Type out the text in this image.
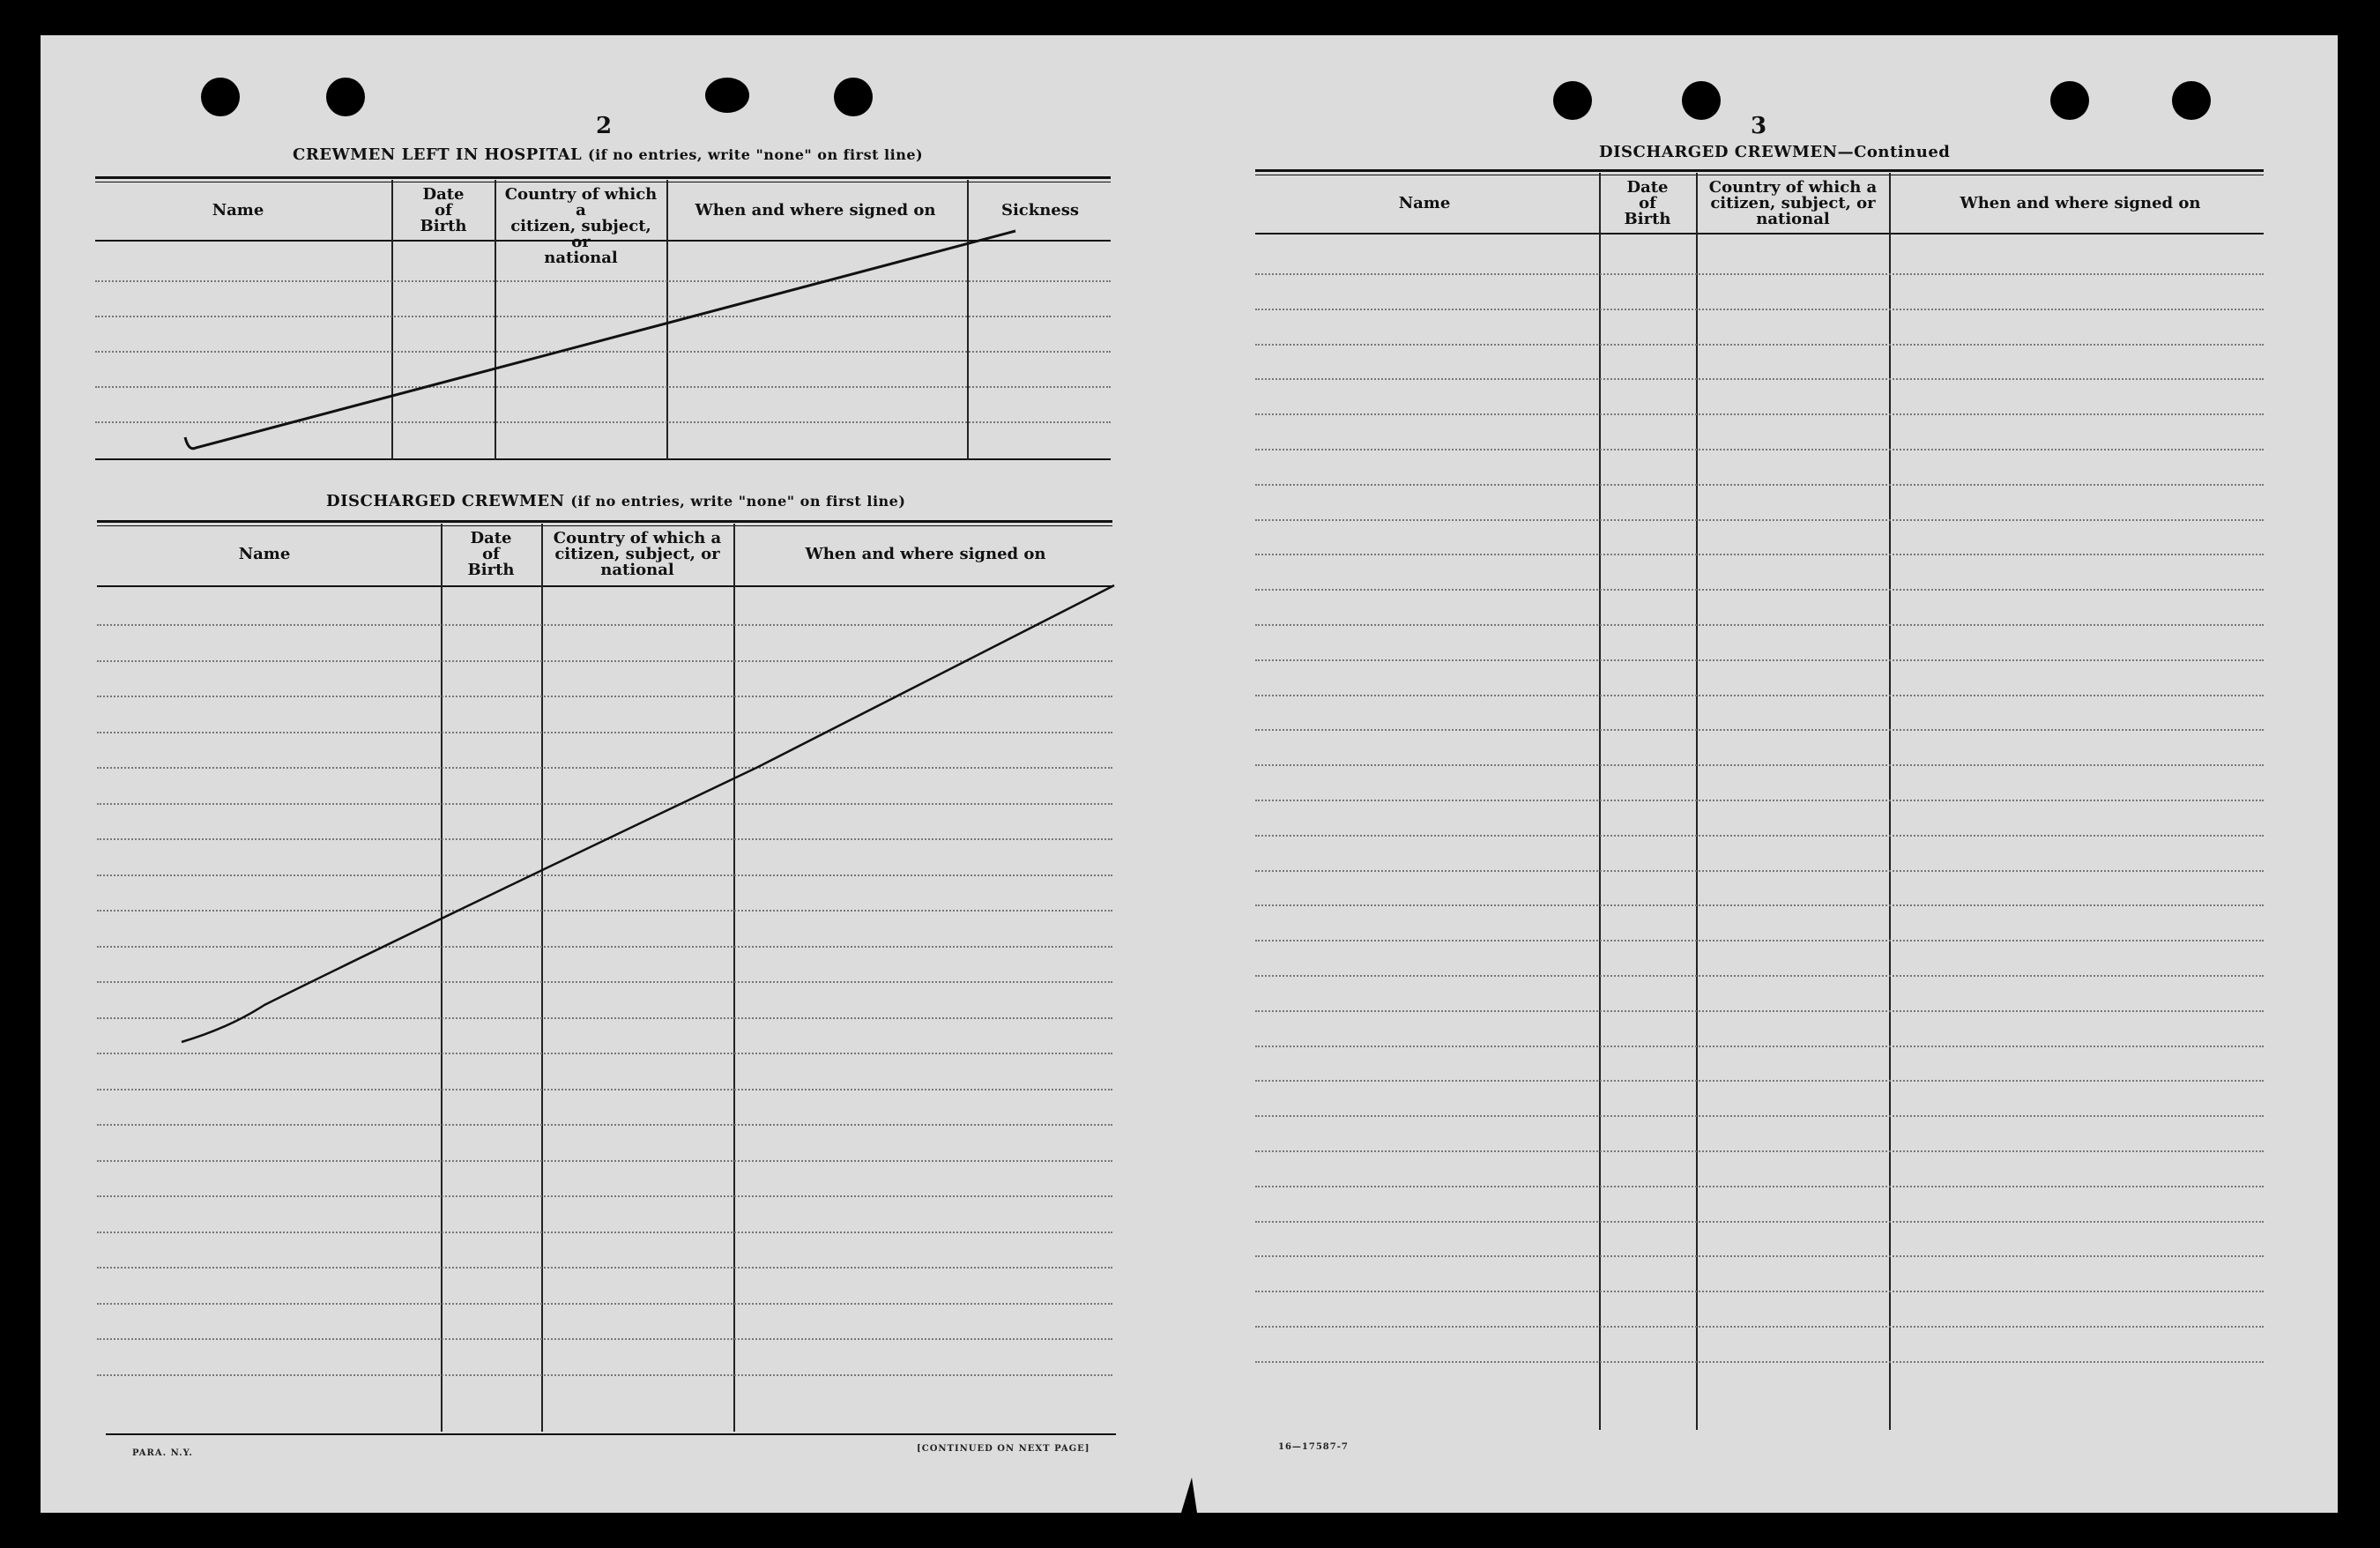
2
CREWMEN LEFT IN HOSPITAL (if no entries, write "none" on first line)
Name
Date
of
Birth
Country of which a
citizen, subject, or
national
When and where signed on	Sickness
DISCHARGED CREWMEN (if no entries, write "none" on first line)
Name
Date
of
Birth
Country of which a
citizen, subject, or
national
When and where signed on
PARA. N.Y.	[CONTINUED ON NEXT PAGE]
3
DISCHARGED CREWMEN—Continued
Name
Date
of
Birth
Country of which a
citizen, subject, or
national
When and where signed on
16—17587-7
